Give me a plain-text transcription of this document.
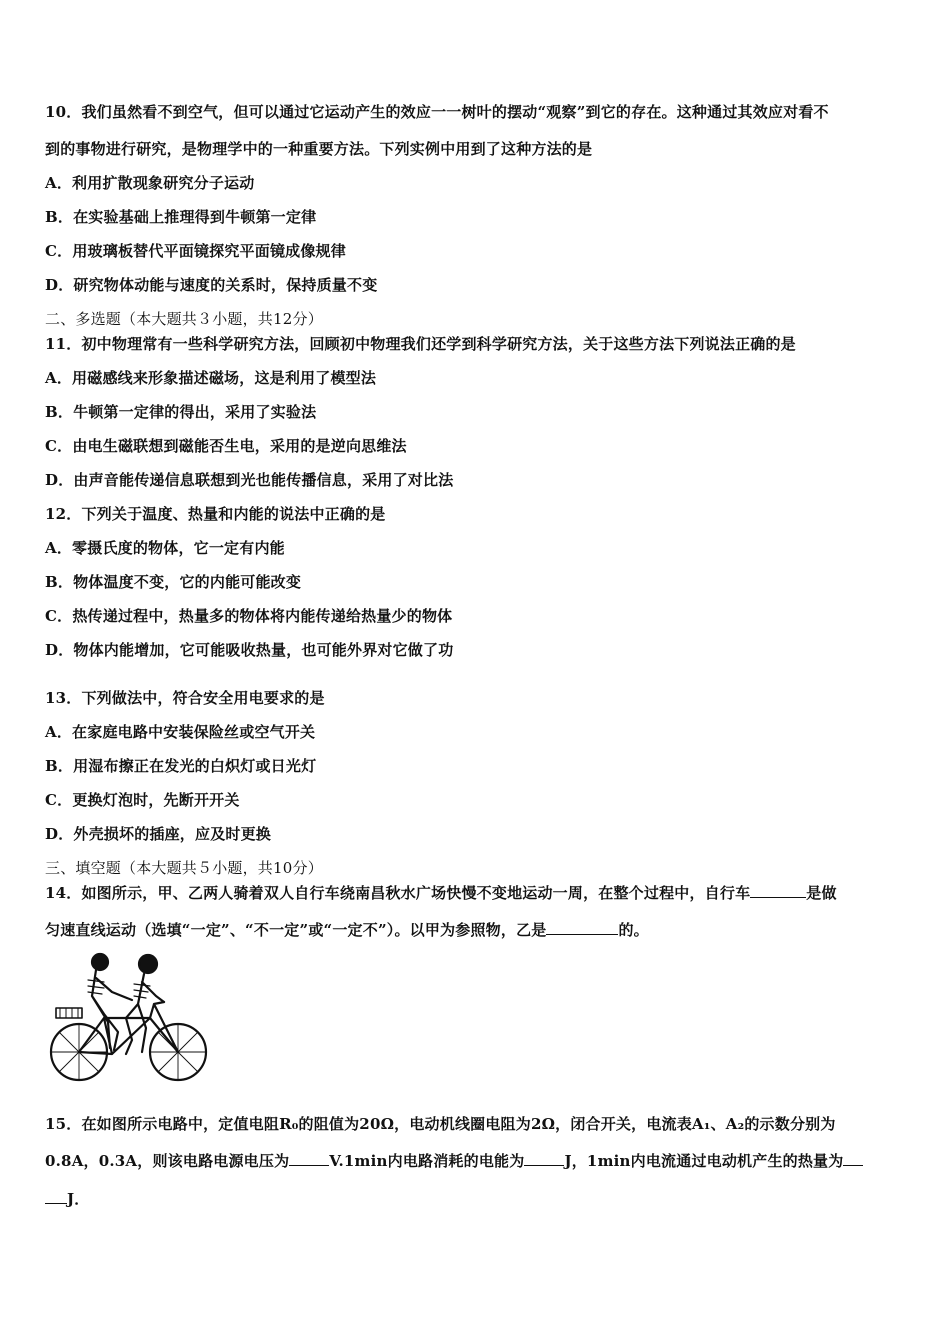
10．我们虽然看不到空气，但可以通过它运动产生的效应一一树叶的摆动“观察”到它的存在。这种通过其效应对看不
到的事物进行研究，是物理学中的一种重要方法。下列实例中用到了这种方法的是
A．利用扩散现象研究分子运动
B．在实验基础上推理得到牛顿第一定律
C．用玻璃板替代平面镜探究平面镜成像规律
D．研究物体动能与速度的关系时，保持质量不变
二、多选题（本大题共３小题，共12分）
11．初中物理常有一些科学研究方法，回顾初中物理我们还学到科学研究方法，关于这些方法下列说法正确的是
A．用磁感线来形象描述磁场，这是利用了模型法
B．牛顿第一定律的得出，采用了实验法
C．由电生磁联想到磁能否生电，采用的是逆向思维法
D．由声音能传递信息联想到光也能传播信息，采用了对比法
12．下列关于温度、热量和内能的说法中正确的是
A．零摄氏度的物体，它一定有内能
B．物体温度不变，它的内能可能改变
C．热传递过程中，热量多的物体将内能传递给热量少的物体
D．物体内能增加，它可能吸收热量，也可能外界对它做了功
13．下列做法中，符合安全用电要求的是
A．在家庭电路中安装保险丝或空气开关
B．用湿布擦正在发光的白炽灯或日光灯
C．更换灯泡时，先断开开关
D．外壳损坏的插座，应及时更换
三、填空题（本大题共５小题，共10分）
14．如图所示，甲、乙两人骑着双人自行车绕南昌秋水广场快慢不变地运动一周，在整个过程中，自行车	是做
匀速直线运动（选填“一定”、“不一定”或“一定不”）。以甲为参照物，乙是	的。
15．在如图所示电路中，定值电阻R₀的阻值为20Ω，电动机线圈电阻为2Ω，闭合开关，电流表A₁、A₂的示数分别为
0.8A，0.3A，则该电路电源电压为	V.1min内电路消耗的电能为	J，1min内电流通过电动机产生的热量为
J．
